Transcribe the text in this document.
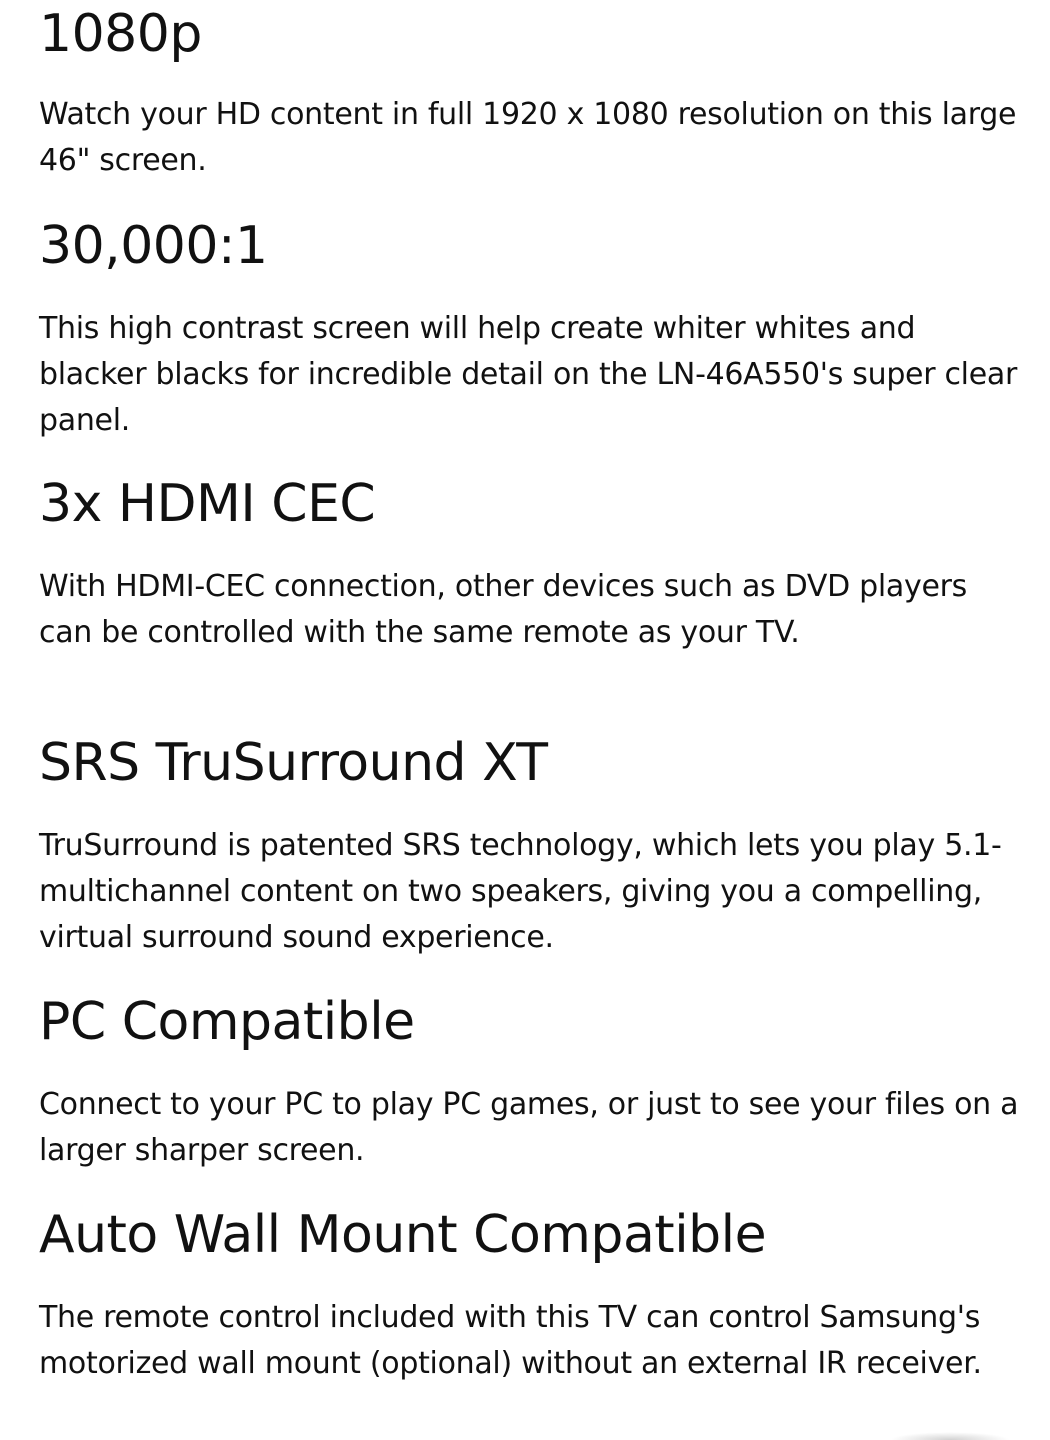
1080p

Watch your HD content in full 1920 x 1080 resolution on this large 46" screen.

30,000:1

This high contrast screen will help create whiter whites and blacker blacks for incredible detail on the LN-46A550's super clear panel.

3x HDMI CEC

With HDMI-CEC connection, other devices such as DVD players can be controlled with the same remote as your TV.

SRS TruSurround XT

TruSurround is patented SRS technology, which lets you play 5.1-multichannel content on two speakers, giving you a compelling, virtual surround sound experience.

PC Compatible

Connect to your PC to play PC games, or just to see your files on a larger sharper screen.

Auto Wall Mount Compatible

The remote control included with this TV can control Samsung's motorized wall mount (optional) without an external IR receiver.
